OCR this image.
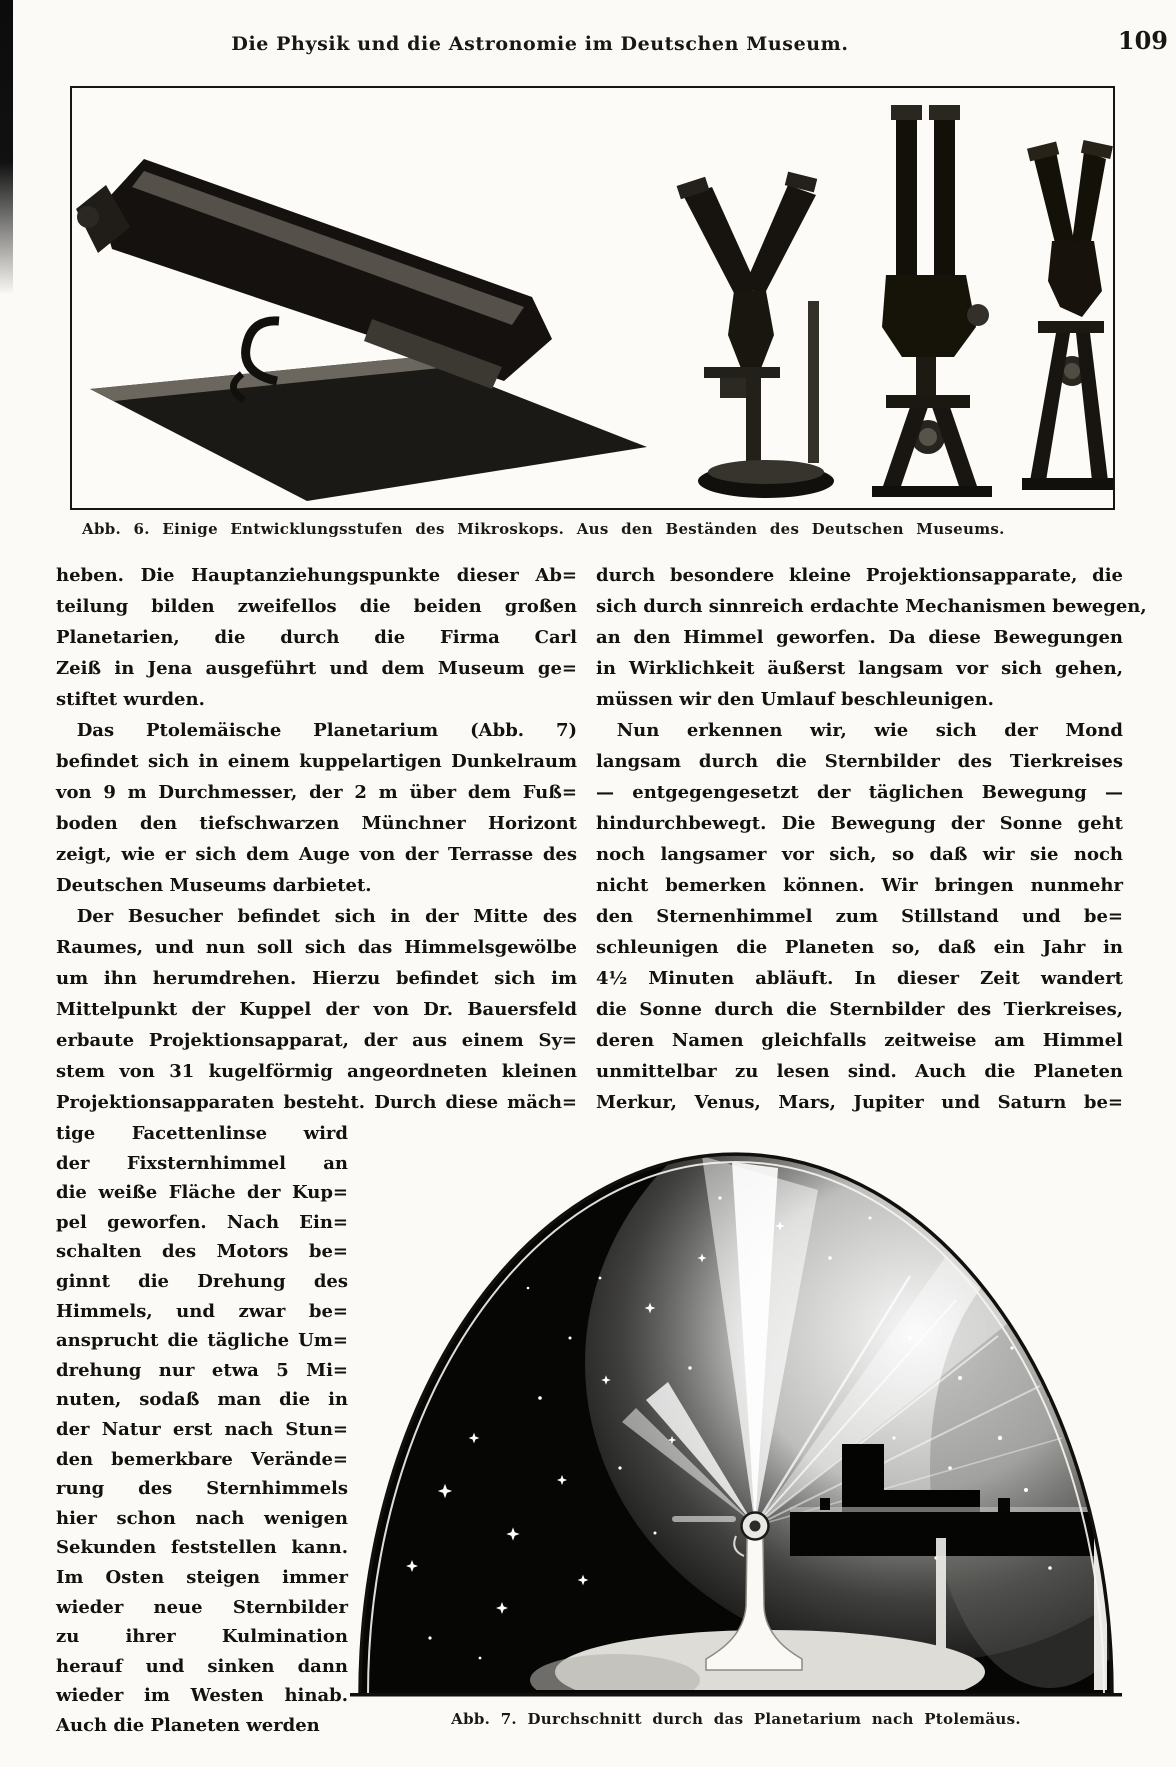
Die Physik und die Astronomie im Deutschen Museum.	109
Abb. 6. Einige Entwicklungsstufen des Mikroskops. Aus den Beständen des Deutschen Museums.
heben. Die Hauptanziehungspunkte dieser Ab=
teilung bilden zweifellos die beiden großen
Planetarien, die durch die Firma Carl
Zeiß in Jena ausgeführt und dem Museum ge=
stiftet wurden.
Das Ptolemäische Planetarium (Abb. 7)
befindet sich in einem kuppelartigen Dunkelraum
von 9 m Durchmesser, der 2 m über dem Fuß=
boden den tiefschwarzen Münchner Horizont
zeigt, wie er sich dem Auge von der Terrasse des
Deutschen Museums darbietet.
Der Besucher befindet sich in der Mitte des
Raumes, und nun soll sich das Himmelsgewölbe
um ihn herumdrehen. Hierzu befindet sich im
Mittelpunkt der Kuppel der von Dr. Bauersfeld
erbaute Projektionsapparat, der aus einem Sy=
stem von 31 kugelförmig angeordneten kleinen
Projektionsapparaten besteht. Durch diese mäch=
durch besondere kleine Projektionsapparate, die
sich durch sinnreich erdachte Mechanismen bewegen,
an den Himmel geworfen. Da diese Bewegungen
in Wirklichkeit äußerst langsam vor sich gehen,
müssen wir den Umlauf beschleunigen.
Nun erkennen wir, wie sich der Mond
langsam durch die Sternbilder des Tierkreises
— entgegengesetzt der täglichen Bewegung —
hindurchbewegt. Die Bewegung der Sonne geht
noch langsamer vor sich, so daß wir sie noch
nicht bemerken können. Wir bringen nunmehr
den Sternenhimmel zum Stillstand und be=
schleunigen die Planeten so, daß ein Jahr in
4½ Minuten abläuft. In dieser Zeit wandert
die Sonne durch die Sternbilder des Tierkreises,
deren Namen gleichfalls zeitweise am Himmel
unmittelbar zu lesen sind. Auch die Planeten
Merkur, Venus, Mars, Jupiter und Saturn be=
tige Facettenlinse wird
der Fixsternhimmel an
die weiße Fläche der Kup=
pel geworfen. Nach Ein=
schalten des Motors be=
ginnt die Drehung des
Himmels, und zwar be=
ansprucht die tägliche Um=
drehung nur etwa 5 Mi=
nuten, sodaß man die in
der Natur erst nach Stun=
den bemerkbare Verände=
rung des Sternhimmels
hier schon nach wenigen
Sekunden feststellen kann.
Im Osten steigen immer
wieder neue Sternbilder
zu ihrer Kulmination
herauf und sinken dann
wieder im Westen hinab.
Auch die Planeten werden	Abb. 7. Durchschnitt durch das Planetarium nach Ptolemäus.
